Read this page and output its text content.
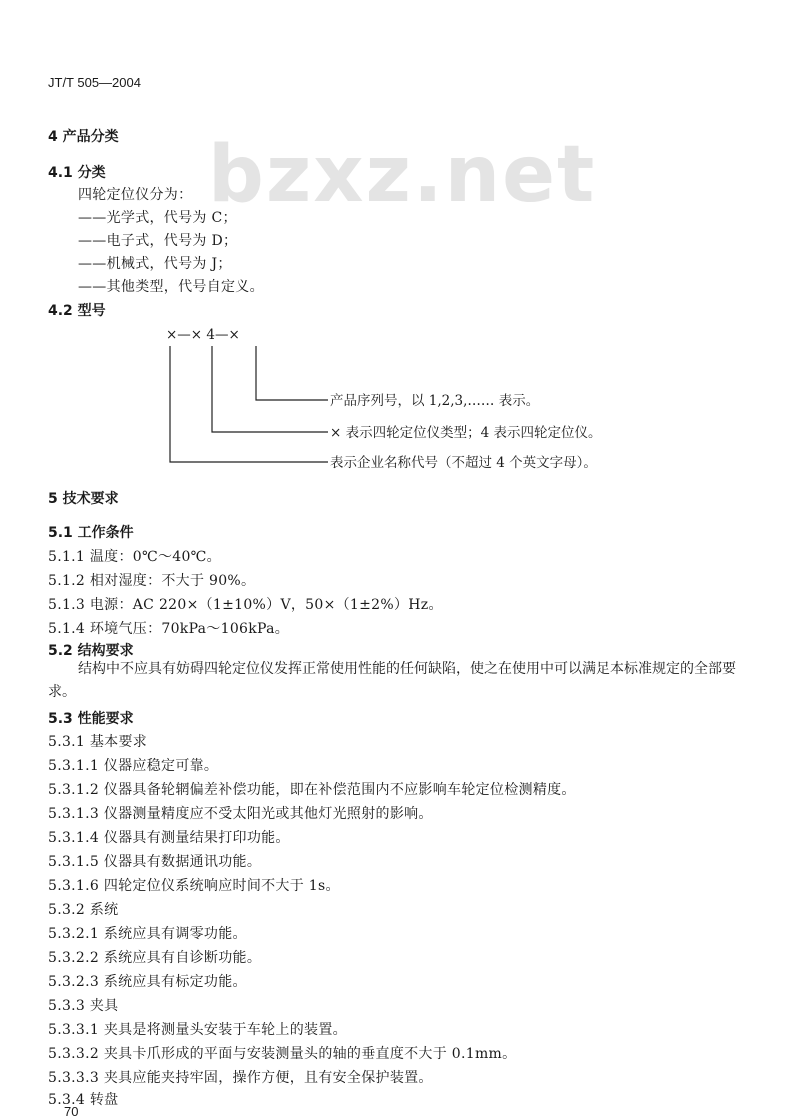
JT/T 505—2004
bzxz.net
4 产品分类
4.1 分类
四轮定位仪分为：
——光学式，代号为 C；
——电子式，代号为 D；
——机械式，代号为 J；
——其他类型，代号自定义。
4.2 型号
×—× 4—×
产品序列号，以 1,2,3,…… 表示。
× 表示四轮定位仪类型；4 表示四轮定位仪。
表示企业名称代号（不超过 4 个英文字母）。
5 技术要求
5.1 工作条件
5.1.1 温度：0℃～40℃。
5.1.2 相对湿度：不大于 90%。
5.1.3 电源：AC 220×（1±10%）V，50×（1±2%）Hz。
5.1.4 环境气压：70kPa～106kPa。
5.2 结构要求
结构中不应具有妨碍四轮定位仪发挥正常使用性能的任何缺陷，使之在使用中可以满足本标准规定的全部要求。
5.3 性能要求
5.3.1 基本要求
5.3.1.1 仪器应稳定可靠。
5.3.1.2 仪器具备轮辋偏差补偿功能，即在补偿范围内不应影响车轮定位检测精度。
5.3.1.3 仪器测量精度应不受太阳光或其他灯光照射的影响。
5.3.1.4 仪器具有测量结果打印功能。
5.3.1.5 仪器具有数据通讯功能。
5.3.1.6 四轮定位仪系统响应时间不大于 1s。
5.3.2 系统
5.3.2.1 系统应具有调零功能。
5.3.2.2 系统应具有自诊断功能。
5.3.2.3 系统应具有标定功能。
5.3.3 夹具
5.3.3.1 夹具是将测量头安装于车轮上的装置。
5.3.3.2 夹具卡爪形成的平面与安装测量头的轴的垂直度不大于 0.1mm。
5.3.3.3 夹具应能夹持牢固，操作方便，且有安全保护装置。
5.3.4 转盘
70
